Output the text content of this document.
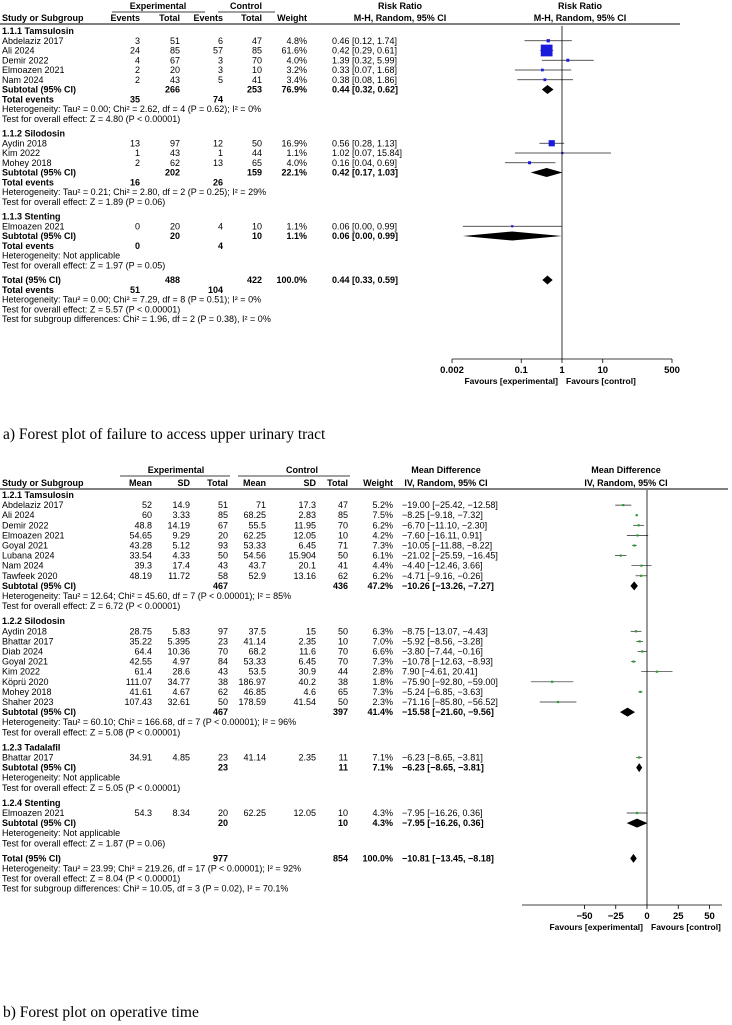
Experimental	Control	Risk Ratio	Risk Ratio
Study or Subgroup	Events Total Events Total Weight	M-H, Random, 95% CI	M-H, Random, 95% CI
1.1.1 Tamsulosin
Abdelaziz 2017	3	51	6	47	4.8%	0.46 [0.12, 1.74]
Ali 2024	24	85	57	85 61.6%	0.42 [0.29, 0.61]
Demir 2022	4	67	3	70	4.0%	1.39 [0.32, 5.99]
Elmoazen 2021	2	20	3	10	3.2%	0.33 [0.07, 1.68]
Nam 2024	2	43	5	41	3.4%	0.38 [0.08, 1.86]
Subtotal (95% CI)	266	253 76.9%	0.44 [0.32, 0.62]
Total events	35	74
Heterogeneity: Tau² = 0.00; Chi² = 2.62, df = 4 (P = 0.62); I² = 0%
Test for overall effect: Z = 4.80 (P < 0.00001)
1.1.2 Silodosin
Aydin 2018	13	97	12	50 16.9%	0.56 [0.28, 1.13]
Kim 2022	1	43	1	44	1.1%	1.02 [0.07, 15.84]
Mohey 2018	2	62	13	65	4.0%	0.16 [0.04, 0.69]
Subtotal (95% CI)	202	159 22.1%	0.42 [0.17, 1.03]
Total events	16	26
Heterogeneity: Tau² = 0.21; Chi² = 2.80, df = 2 (P = 0.25); I² = 29%
Test for overall effect: Z = 1.89 (P = 0.06)
1.1.3 Stenting
Elmoazen 2021	0	20	4	10	1.1%	0.06 [0.00, 0.99]
Subtotal (95% CI)	20	10	1.1%	0.06 [0.00, 0.99]
Total events	0	4
Heterogeneity: Not applicable
Test for overall effect: Z = 1.97 (P = 0.05)
Total (95% CI)	488	422 100.0%	0.44 [0.33, 0.59]
Total events	51	104
Heterogeneity: Tau² = 0.00; Chi² = 7.29, df = 8 (P = 0.51); I² = 0%
Test for overall effect: Z = 5.57 (P < 0.00001)
Test for subgroup differences: Chi² = 1.96, df = 2 (P = 0.38), I² = 0%
0.002	0.1	1	10	500
Favours [experimental] Favours [control]
Experimental	Control	Mean Difference	Mean Difference
Study or Subgroup	Mean	SD Total Mean	SD Total Weight IV, Random, 95% CI	IV, Random, 95% CI
1.2.1 Tamsulosin
Abdelaziz 2017	52 14.9	51	71	17.3 47	5.2% −19.00 [−25.42, −12.58]
Ali 2024	60 3.33	85 68.25	2.83 85	7.5% −8.25 [−9.18, −7.32]
Demir 2022	48.8 14.19	67 55.5	11.95 70	6.2% −6.70 [−11.10, −2.30]
Elmoazen 2021	54.65 9.29	20 62.25	12.05 10	4.2% −7.60 [−16.11, 0.91]
Goyal 2021	43.28 5.12	93 53.33	6.45 71	7.3% −10.05 [−11.88, −8.22]
Lubana 2024	33.54 4.33	50 54.56 15.904 50	6.1% −21.02 [−25.59, −16.45]
Nam 2024	39.3 17.4	43 43.7	20.1 41	4.4% −4.40 [−12.46, 3.66]
Tawfeek 2020	48.19 11.72	58 52.9	13.16 62	6.2% −4.71 [−9.16, −0.26]
Subtotal (95% CI)	467	436 47.2% −10.26 [−13.26, −7.27]
Heterogeneity: Tau² = 12.64; Chi² = 45.60, df = 7 (P < 0.00001); I² = 85%
Test for overall effect: Z = 6.72 (P < 0.00001)
1.2.2 Silodosin
Aydin 2018	28.75 5.83	97 37.5	15 50	6.3% −8.75 [−13.07, −4.43]
Bhattar 2017	35.22 5.395	23 41.14	2.35 10	7.0% −5.92 [−8.56, −3.28]
Diab 2024	64.4 10.36	70 68.2	11.6 70	6.6% −3.80 [−7.44, −0.16]
Goyal 2021	42.55 4.97	84 53.33	6.45 70	7.3% −10.78 [−12.63, −8.93]
Kim 2022	61.4 28.6	43 53.5	30.9 44	2.8% 7.90 [−4.61, 20.41]
Köprü 2020	111.07 34.77	38 186.97	40.2 38	1.8% −75.90 [−92.80, −59.00]
Mohey 2018	41.61 4.67	62 46.85	4.6 65	7.3% −5.24 [−6.85, −3.63]
Shaher 2023	107.43 32.61	50 178.59	41.54 50	2.3% −71.16 [−85.80, −56.52]
Subtotal (95% CI)	467	397 41.4% −15.58 [−21.60, −9.56]
Heterogeneity: Tau² = 60.10; Chi² = 166.68, df = 7 (P < 0.00001); I² = 96%
Test for overall effect: Z = 5.08 (P < 0.00001)
1.2.3 Tadalafil
Bhattar 2017	34.91 4.85	23 41.14	2.35	11	7.1% −6.23 [−8.65, −3.81]
Subtotal (95% CI)	23	11	7.1% −6.23 [−8.65, −3.81]
Heterogeneity: Not applicable
Test for overall effect: Z = 5.05 (P < 0.00001)
1.2.4 Stenting
Elmoazen 2021	54.3 8.34	20 62.25	12.05 10	4.3% −7.95 [−16.26, 0.36]
Subtotal (95% CI)	20	10	4.3% −7.95 [−16.26, 0.36]
Heterogeneity: Not applicable
Test for overall effect: Z = 1.87 (P = 0.06)
Total (95% CI)	977	854 100.0% −10.81 [−13.45, −8.18]
Heterogeneity: Tau² = 23.99; Chi² = 219.26, df = 17 (P < 0.00001); I² = 92%
Test for overall effect: Z = 8.04 (P < 0.00001)
Test for subgroup differences: Chi² = 10.05, df = 3 (P = 0.02), I² = 70.1%
−50 −25 0 25 50
Favours [experimental] Favours [control]
a) Forest plot of failure to access upper urinary tract
b) Forest plot on operative time
